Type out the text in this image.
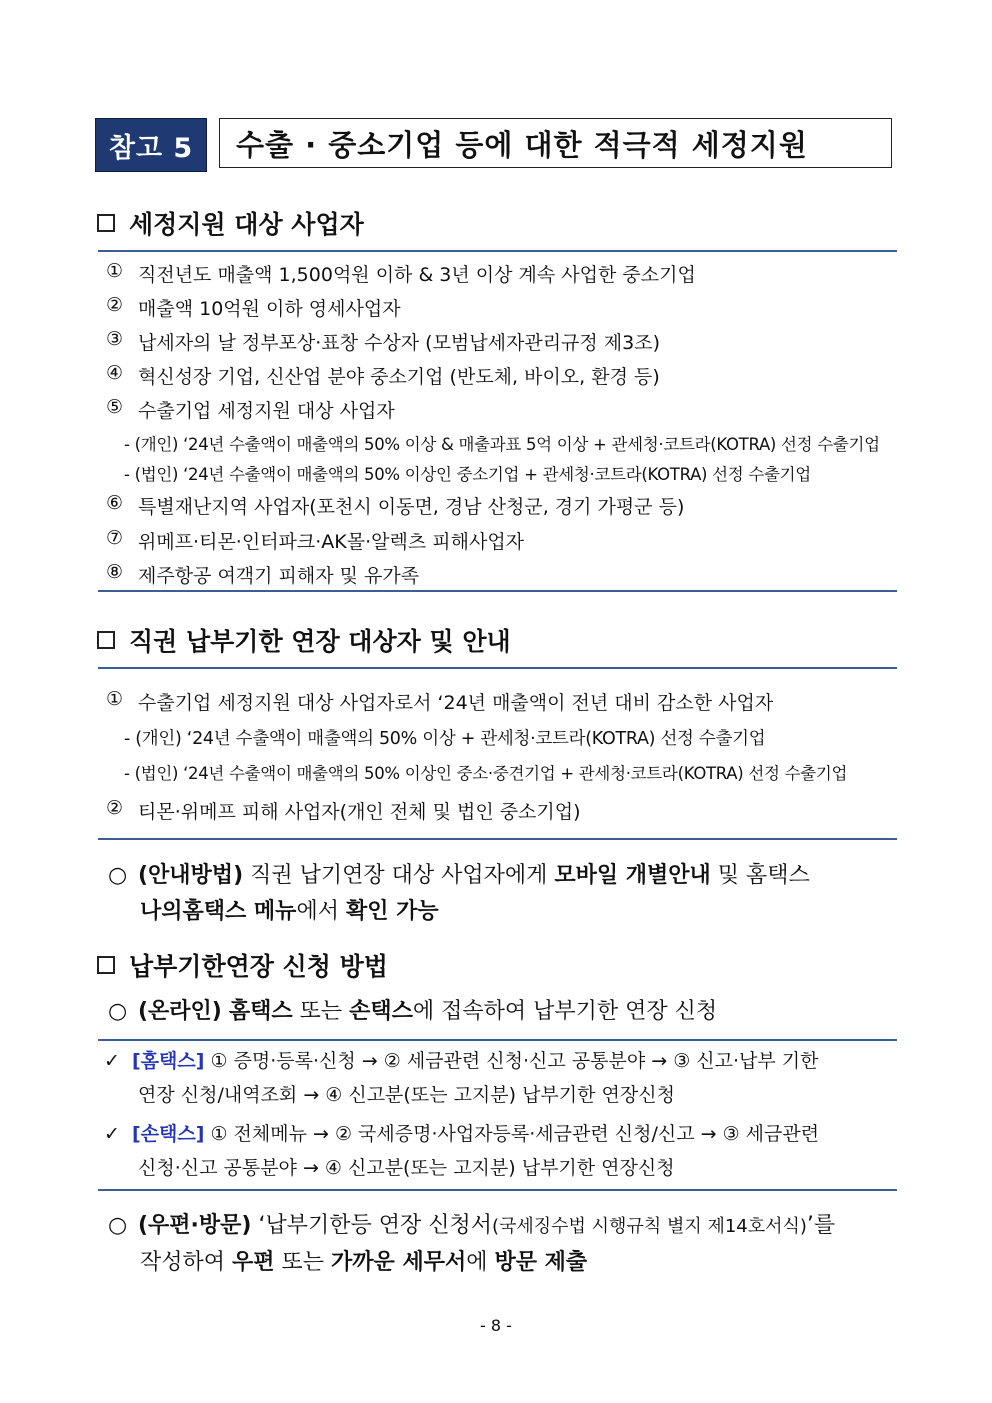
참고 5	수출 · 중소기업 등에 대한 적극적 세정지원
세정지원 대상 사업자
① 직전년도 매출액 1,500억원 이하 & 3년 이상 계속 사업한 중소기업
② 매출액 10억원 이하 영세사업자
③ 납세자의 날 정부포상·표창 수상자 (모범납세자관리규정 제3조)
④ 혁신성장 기업, 신산업 분야 중소기업 (반도체, 바이오, 환경 등)
⑤ 수출기업 세정지원 대상 사업자
- (개인) ‘24년 수출액이 매출액의 50% 이상 & 매출과표 5억 이상 + 관세청·코트라(KOTRA) 선정 수출기업
- (법인) ‘24년 수출액이 매출액의 50% 이상인 중소기업 + 관세청·코트라(KOTRA) 선정 수출기업
⑥ 특별재난지역 사업자(포천시 이동면, 경남 산청군, 경기 가평군 등)
⑦ 위메프·티몬·인터파크·AK몰·알렉츠 피해사업자
⑧ 제주항공 여객기 피해자 및 유가족
직권 납부기한 연장 대상자 및 안내
① 수출기업 세정지원 대상 사업자로서 ‘24년 매출액이 전년 대비 감소한 사업자
- (개인) ‘24년 수출액이 매출액의 50% 이상 + 관세청·코트라(KOTRA) 선정 수출기업
- (법인) ‘24년 수출액이 매출액의 50% 이상인 중소·중견기업 + 관세청·코트라(KOTRA) 선정 수출기업
② 티몬·위메프 피해 사업자(개인 전체 및 법인 중소기업)
○ (안내방법) 직권 납기연장 대상 사업자에게 모바일 개별안내 및 홈택스
나의홈택스 메뉴에서 확인 가능
납부기한연장 신청 방법
○ (온라인) 홈택스 또는 손택스에 접속하여 납부기한 연장 신청
✓ [홈택스] ① 증명·등록·신청 → ② 세금관련 신청·신고 공통분야 → ③ 신고·납부 기한
연장 신청/내역조회 → ④ 신고분(또는 고지분) 납부기한 연장신청
✓ [손택스] ① 전체메뉴 → ② 국세증명·사업자등록·세금관련 신청/신고 → ③ 세금관련
신청·신고 공통분야 → ④ 신고분(또는 고지분) 납부기한 연장신청
○ (우편·방문) ‘납부기한등 연장 신청서(국세징수법 시행규칙 별지 제14호서식)’를
작성하여 우편 또는 가까운 세무서에 방문 제출
- 8 -
